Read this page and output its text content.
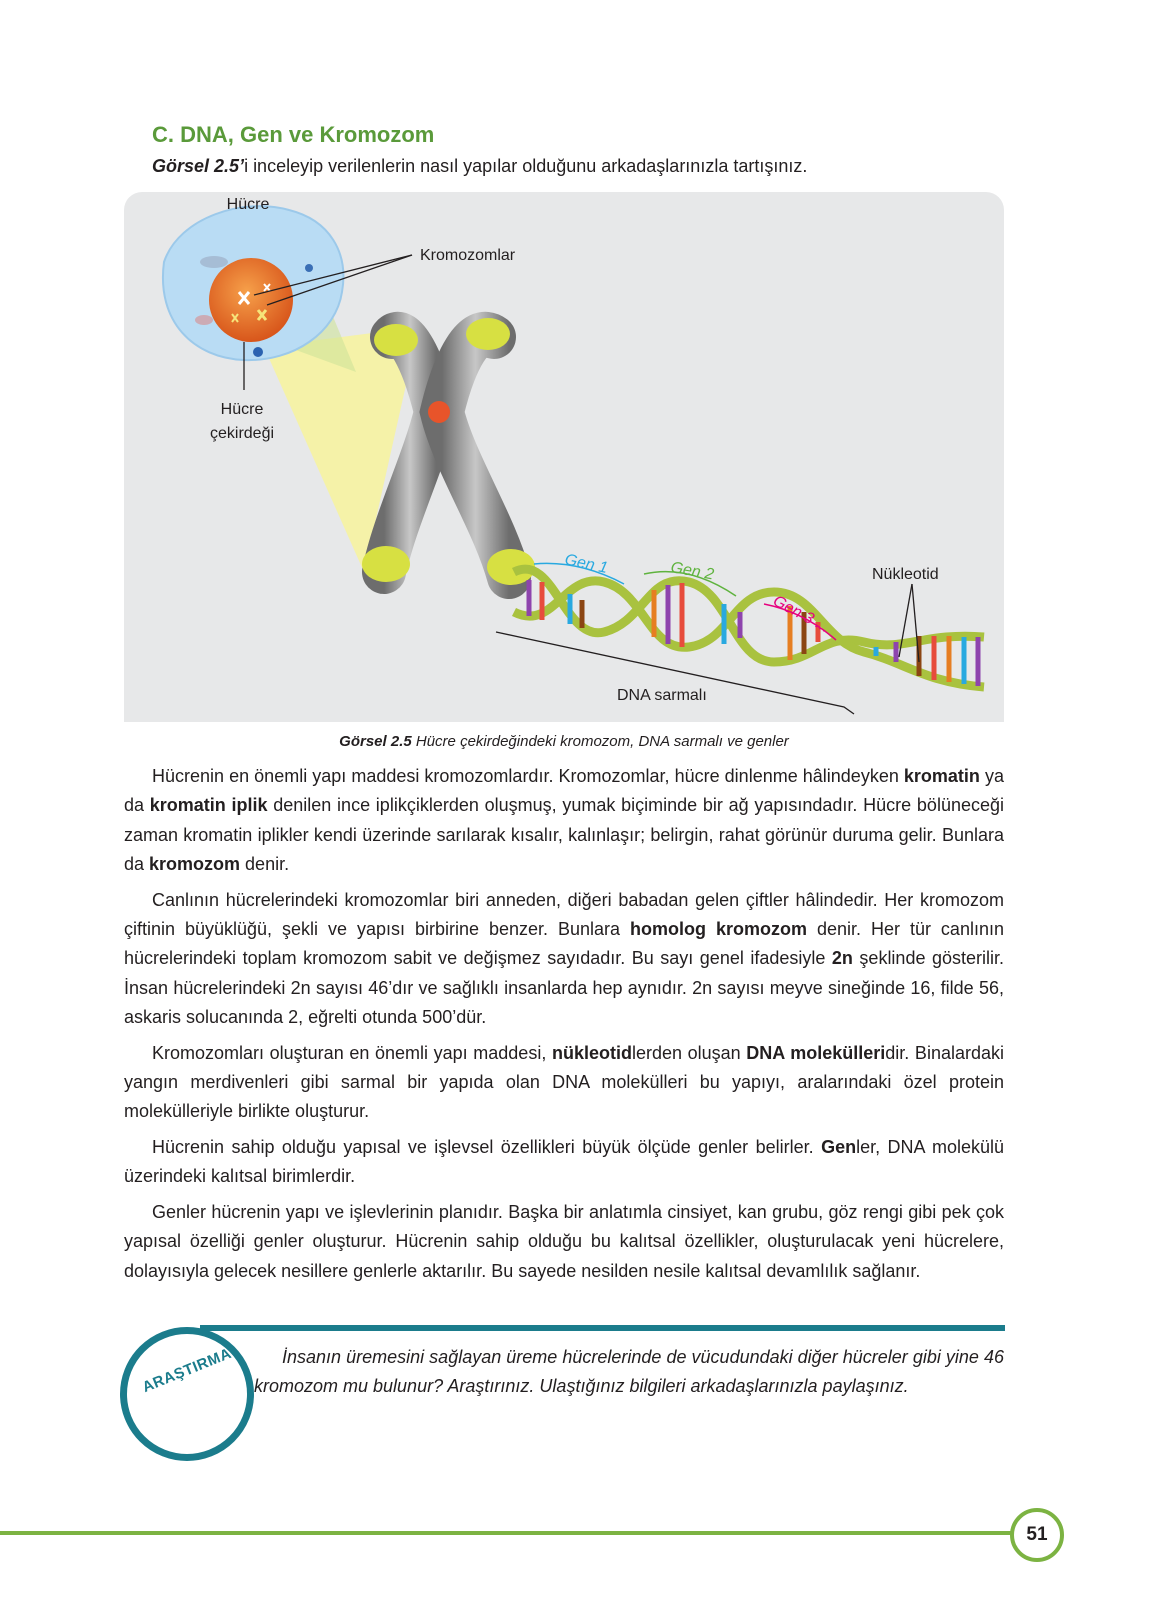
C. DNA, Gen ve Kromozom

Görsel 2.5’i inceleyip verilenlerin nasıl yapılar olduğunu arkadaşlarınızla tartışınız.

Hücre
Kromozomlar
Hücre
çekirdeği
Gen 1	Gen 2
Gen 3 ...
Nükleotid
DNA sarmalı

Görsel 2.5 Hücre çekirdeğindeki kromozom, DNA sarmalı ve genler

Hücrenin en önemli yapı maddesi kromozomlardır. Kromozomlar, hücre dinlenme hâlindeyken kromatin ya da kromatin iplik denilen ince iplikçiklerden oluşmuş, yumak biçiminde bir ağ yapısındadır. Hücre bölüneceği zaman kromatin iplikler kendi üzerinde sarılarak kısalır, kalınlaşır; belirgin, rahat görünür duruma gelir. Bunlara da kromozom denir.

Canlının hücrelerindeki kromozomlar biri anneden, diğeri babadan gelen çiftler hâlindedir. Her kromozom çiftinin büyüklüğü, şekli ve yapısı birbirine benzer. Bunlara homolog kromozom denir. Her tür canlının hücrelerindeki toplam kromozom sabit ve değişmez sayıdadır. Bu sayı genel ifadesiyle 2n şeklinde gösterilir. İnsan hücrelerindeki 2n sayısı 46’dır ve sağlıklı insanlarda hep aynıdır. 2n sayısı meyve sineğinde 16, filde 56, askaris solucanında 2, eğrelti otunda 500’dür.

Kromozomları oluşturan en önemli yapı maddesi, nükleotidlerden oluşan DNA molekülleridir. Binalardaki yangın merdivenleri gibi sarmal bir yapıda olan DNA molekülleri bu yapıyı, aralarındaki özel protein molekülleriyle birlikte oluşturur.

Hücrenin sahip olduğu yapısal ve işlevsel özellikleri büyük ölçüde genler belirler. Genler, DNA molekülü üzerindeki kalıtsal birimlerdir.

Genler hücrenin yapı ve işlevlerinin planıdır. Başka bir anlatımla cinsiyet, kan grubu, göz rengi gibi pek çok yapısal özelliği genler oluşturur. Hücrenin sahip olduğu bu kalıtsal özellikler, oluşturulacak yeni hücrelere, dolayısıyla gelecek nesillere genlerle aktarılır. Bu sayede nesilden nesile kalıtsal devamlılık sağlanır.

ARAŞTIRMA	İnsanın üremesini sağlayan üreme hücrelerinde de vücudundaki diğer hücreler gibi yine 46 kromozom mu bulunur? Araştırınız. Ulaştığınız bilgileri arkadaşlarınızla paylaşınız.

51
